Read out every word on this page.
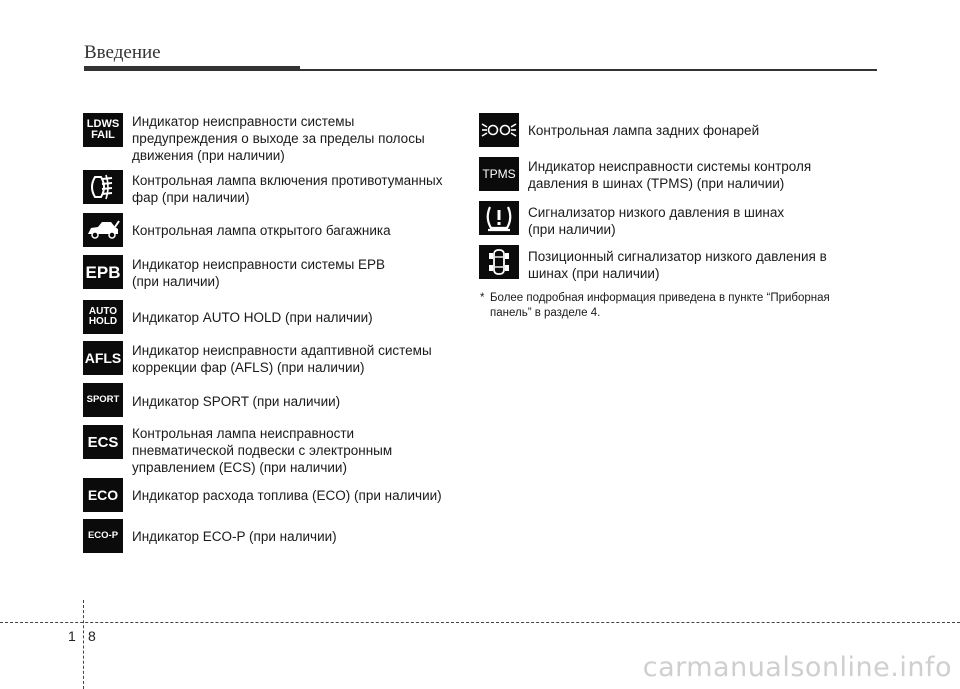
Введение
LDWS
FAIL
Индикатор неисправности системы
предупреждения о выходе за пределы полосы
движения (при наличии)
Контрольная лампа включения противотуманных
фар (при наличии)
Контрольная лампа открытого багажника
EPB Индикатор неисправности системы EPB
(при наличии)
AUTO
HOLD Индикатор AUTO HOLD (при наличии)
AFLS Индикатор неисправности адаптивной системы
коррекции фар (AFLS) (при наличии)
SPORT Индикатор SPORT (при наличии)
ECS Контрольная лампа неисправности
пневматической подвески с электронным
управлением (ECS) (при наличии)
ECO Индикатор расхода топлива (ECO) (при наличии)
ECO-P Индикатор ECO-P (при наличии)
Контрольная лампа задних фонарей
TPMS Индикатор неисправности системы контроля
давления в шинах (TPMS) (при наличии)
Сигнализатор низкого давления в шинах
(при наличии)
Позиционный сигнализатор низкого давления в
шинах (при наличии)
* Более подробная информация приведена в пункте “Приборная
панель” в разделе 4.
1 8
carmanualsonline.info
